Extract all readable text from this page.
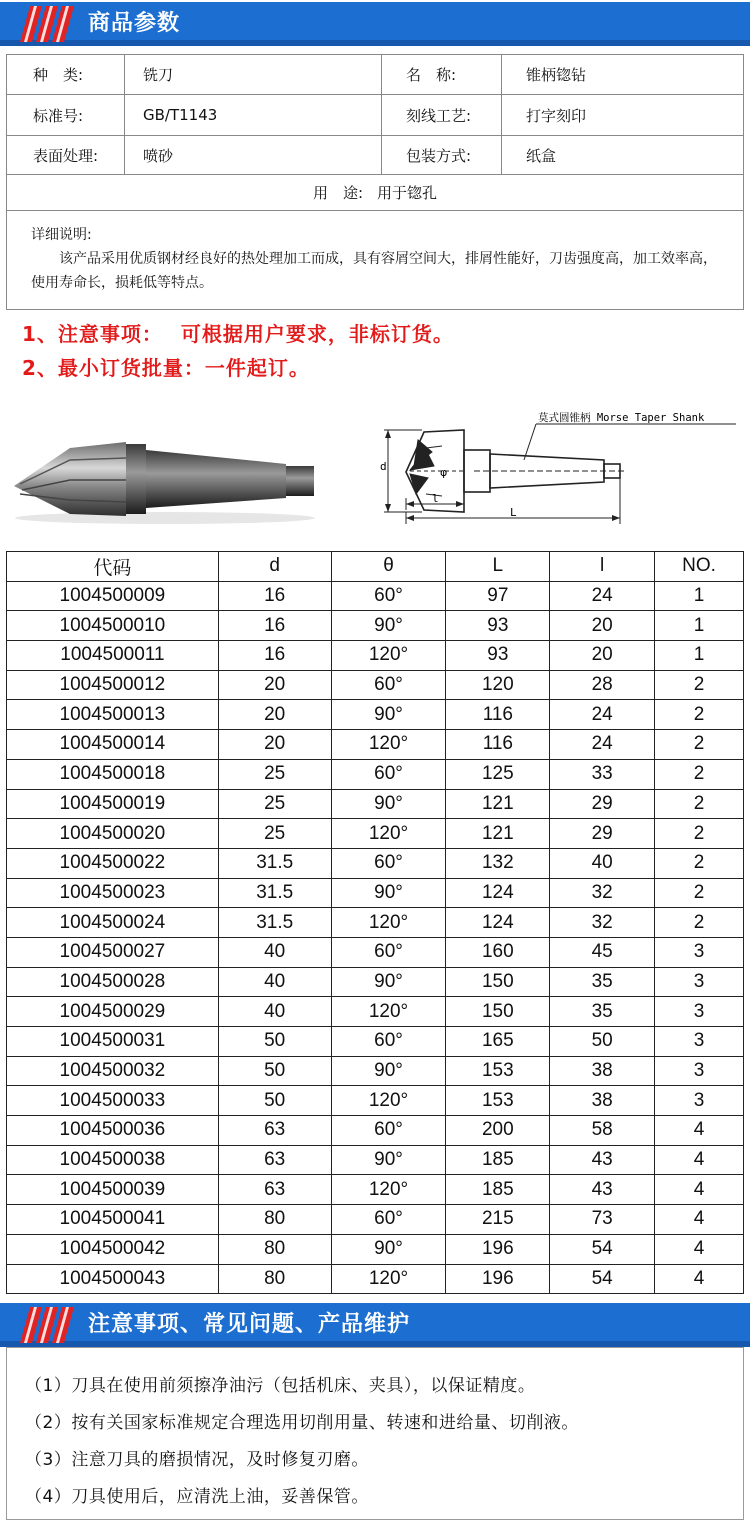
商品参数
种　类:	铣刀	名　称:	锥柄锪钻
标准号:	GB/T1143	刻线工艺:	打字刻印
表面处理:	喷砂	包装方式:	纸盒
用　途: 用于锪孔
详细说明:
该产品采用优质钢材经良好的热处理加工而成，具有容屑空间大，排屑性能好，刀齿强度高，加工效率高，使用寿命长，损耗低等特点。
1、注意事项： 可根据用户要求，非标订货。
2、最小订货批量：一件起订。
d	φ
l
L
莫式圆锥柄 Morse Taper Shank
代码	d	θ	L	l	NO.
1004500009	16	60°	97	24	1
1004500010	16	90°	93	20	1
1004500011	16	120°	93	20	1
1004500012	20	60°	120	28	2
1004500013	20	90°	116	24	2
1004500014	20	120°	116	24	2
1004500018	25	60°	125	33	2
1004500019	25	90°	121	29	2
1004500020	25	120°	121	29	2
1004500022	31.5	60°	132	40	2
1004500023	31.5	90°	124	32	2
1004500024	31.5	120°	124	32	2
1004500027	40	60°	160	45	3
1004500028	40	90°	150	35	3
1004500029	40	120°	150	35	3
1004500031	50	60°	165	50	3
1004500032	50	90°	153	38	3
1004500033	50	120°	153	38	3
1004500036	63	60°	200	58	4
1004500038	63	90°	185	43	4
1004500039	63	120°	185	43	4
1004500041	80	60°	215	73	4
1004500042	80	90°	196	54	4
1004500043	80	120°	196	54	4
注意事项、常见问题、产品维护
（1）刀具在使用前须擦净油污（包括机床、夹具），以保证精度。
（2）按有关国家标准规定合理选用切削用量、转速和进给量、切削液。
（3）注意刀具的磨损情况，及时修复刃磨。
（4）刀具使用后，应清洗上油，妥善保管。
